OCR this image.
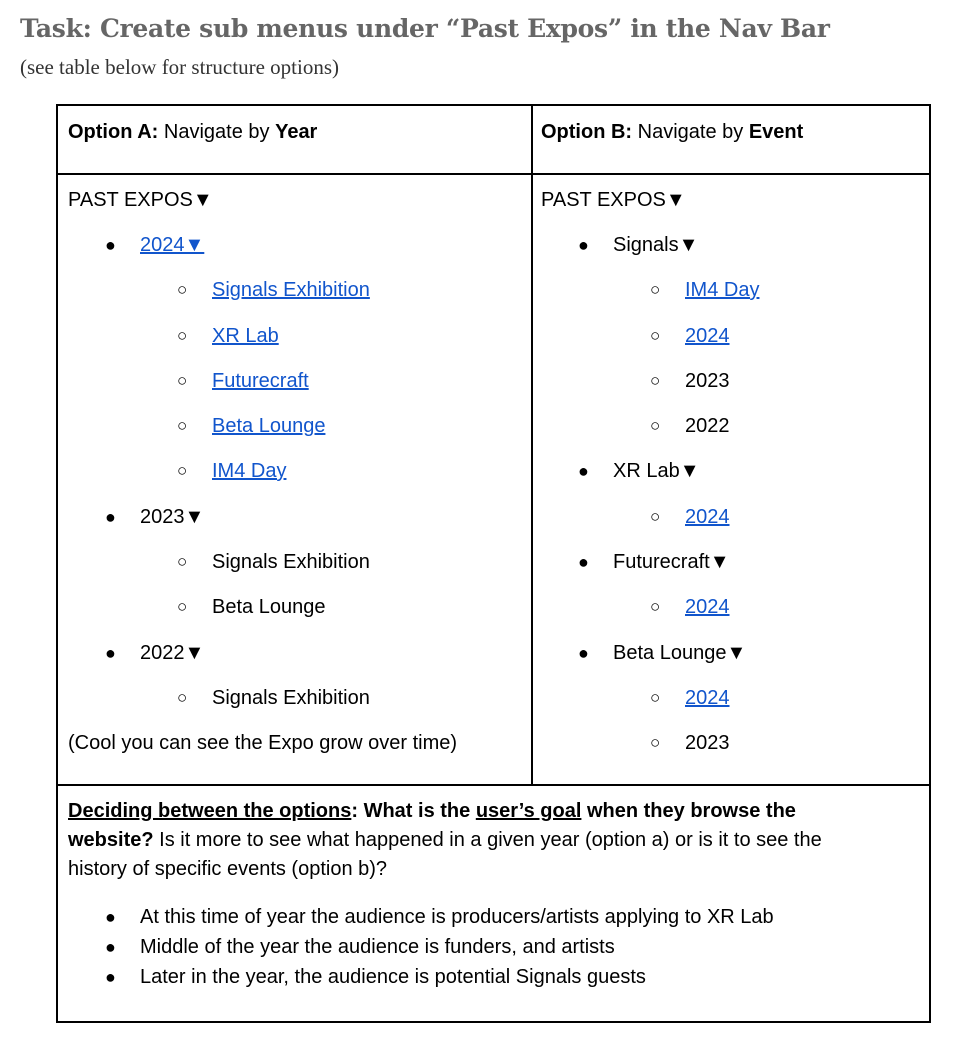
Task: Create sub menus under “Past Expos” in the Nav Bar
(see table below for structure options)
Option A: Navigate by Year	Option B: Navigate by Event
PAST EXPOS▼
● 2024▼
○ Signals Exhibition
○ XR Lab
○ Futurecraft
○ Beta Lounge
○ IM4 Day
● 2023▼
○ Signals Exhibition
○ Beta Lounge
● 2022▼
○ Signals Exhibition
(Cool you can see the Expo grow over time)
PAST EXPOS▼
● Signals▼
○ IM4 Day
○ 2024
○ 2023
○ 2022
● XR Lab▼
○ 2024
● Futurecraft▼
○ 2024
● Beta Lounge▼
○ 2024
○ 2023
Deciding between the options: What is the user’s goal when they browse the
website? Is it more to see what happened in a given year (option a) or is it to see the
history of specific events (option b)?
● At this time of year the audience is producers/artists applying to XR Lab
● Middle of the year the audience is funders, and artists
● Later in the year, the audience is potential Signals guests
